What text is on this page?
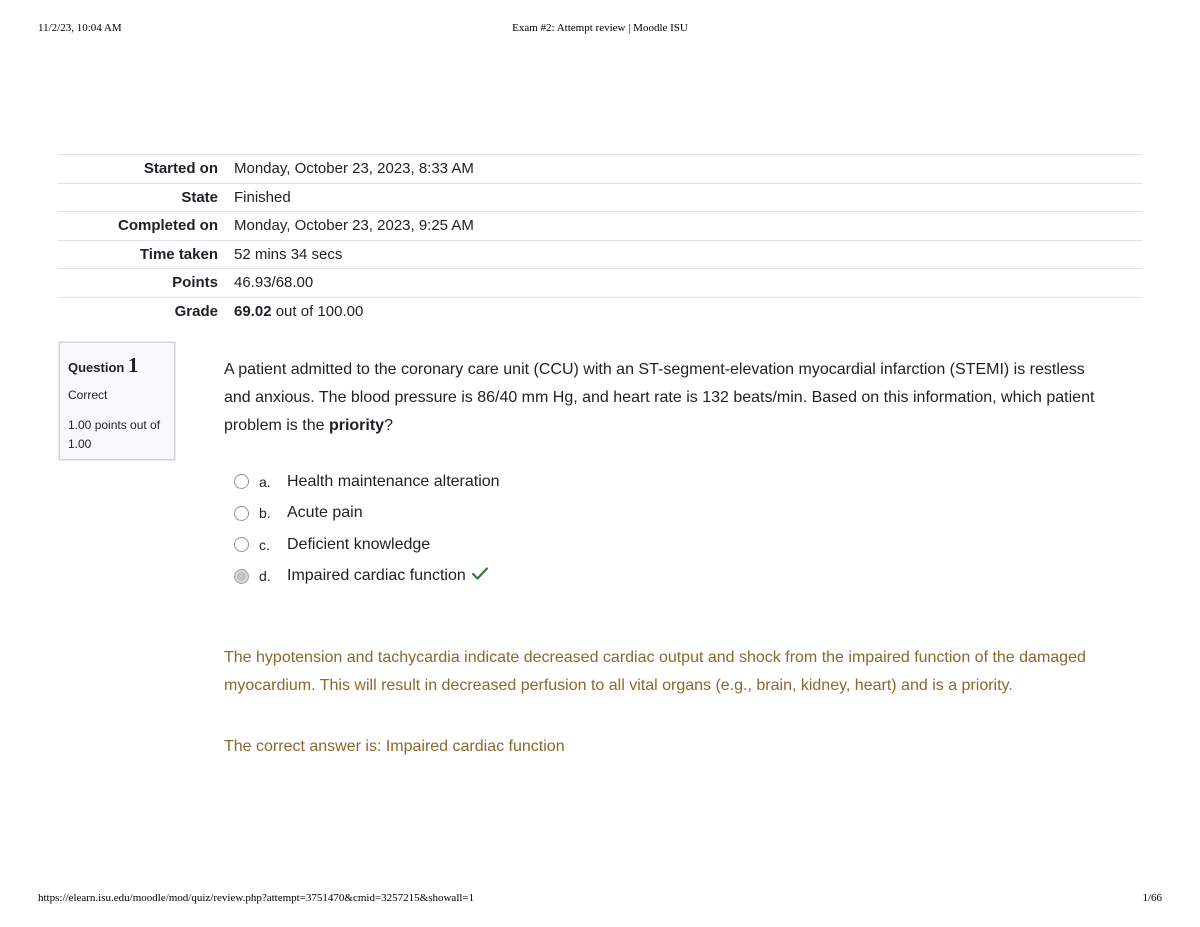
11/2/23, 10:04 AM	Exam #2: Attempt review | Moodle ISU
Started on	Monday, October 23, 2023, 8:33 AM
State	Finished
Completed on	Monday, October 23, 2023, 9:25 AM
Time taken	52 mins 34 secs
Points	46.93/68.00
Grade	69.02 out of 100.00
Question 1
Correct
1.00 points out of 1.00
A patient admitted to the coronary care unit (CCU) with an ST-segment-elevation myocardial infarction (STEMI) is restless and anxious. The blood pressure is 86/40 mm Hg, and heart rate is 132 beats/min. Based on this information, which patient problem is the priority?
a.	Health maintenance alteration
b.	Acute pain
c.	Deficient knowledge
d.	Impaired cardiac function
The hypotension and tachycardia indicate decreased cardiac output and shock from the impaired function of the damaged myocardium. This will result in decreased perfusion to all vital organs (e.g., brain, kidney, heart) and is a priority.
The correct answer is: Impaired cardiac function
https://elearn.isu.edu/moodle/mod/quiz/review.php?attempt=3751470&cmid=3257215&showall=1	1/66
